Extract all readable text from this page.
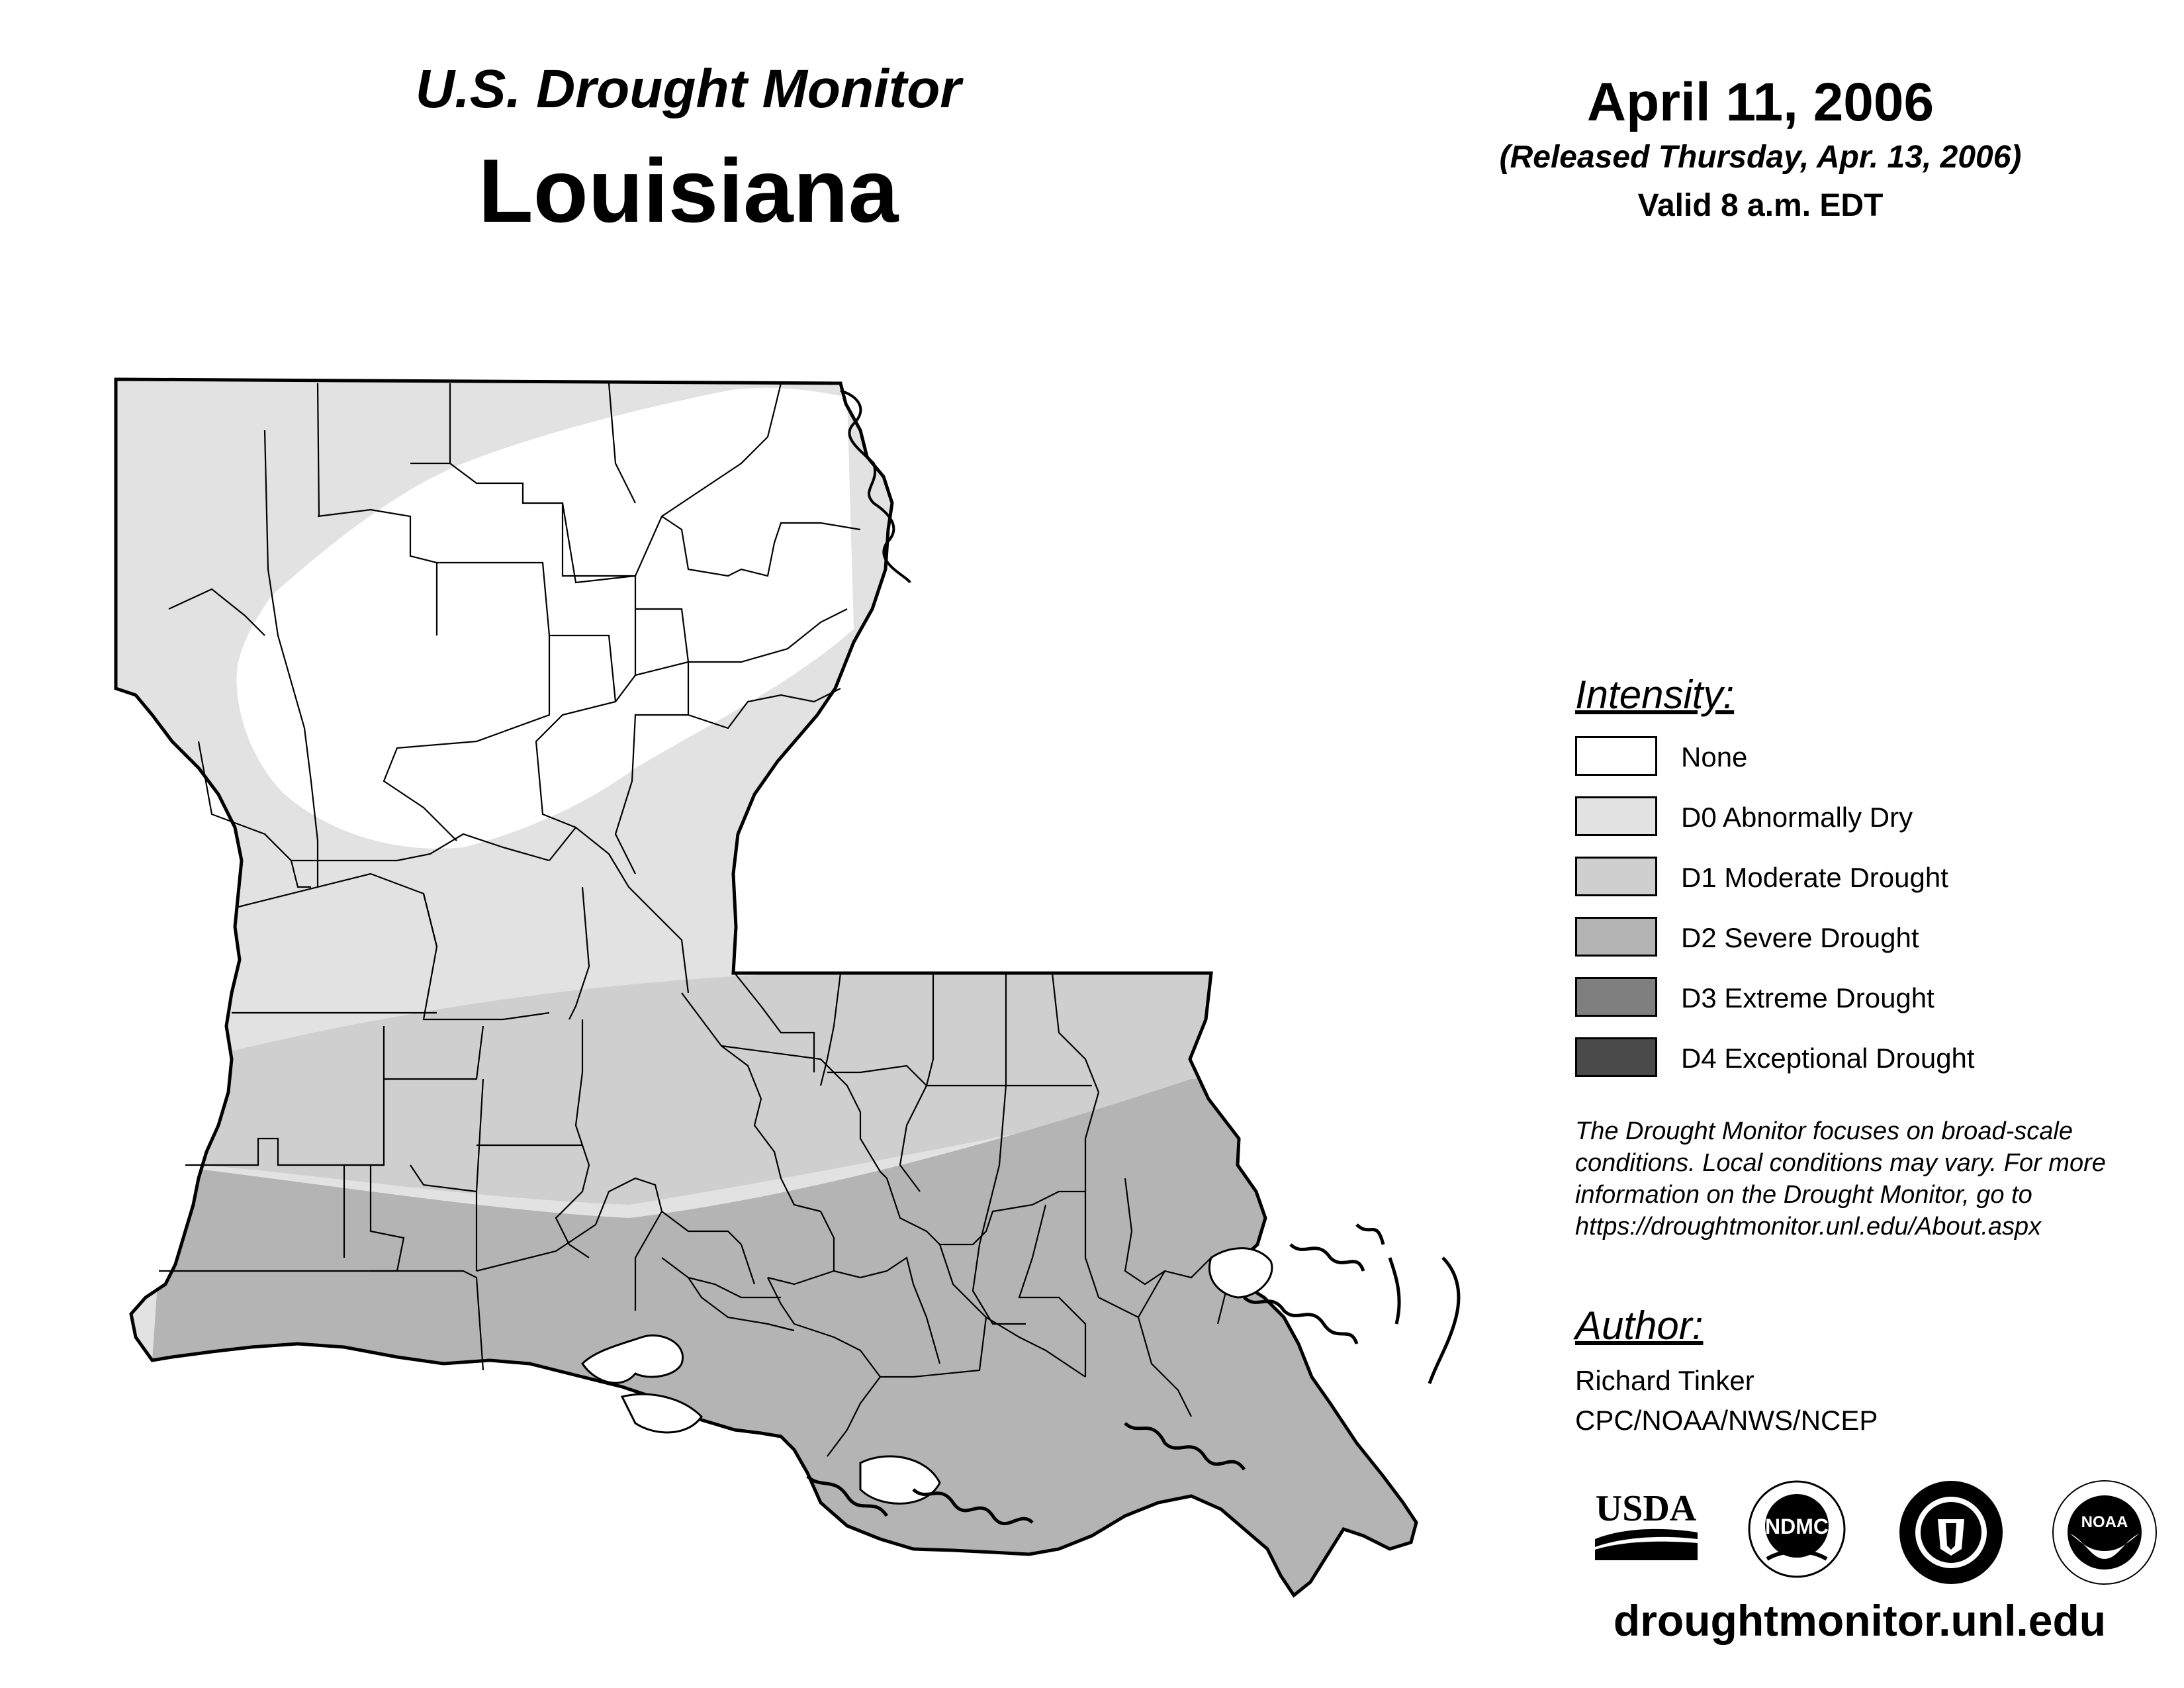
U.S. Drought Monitor
Louisiana
April 11, 2006
(Released Thursday, Apr. 13, 2006)
Valid 8 a.m. EDT
Intensity:
None
D0 Abnormally Dry
D1 Moderate Drought
D2 Severe Drought
D3 Extreme Drought
D4 Exceptional Drought
The Drought Monitor focuses on broad-scale
conditions. Local conditions may vary. For more
information on the Drought Monitor, go to
https://droughtmonitor.unl.edu/About.aspx
Author:
Richard Tinker
CPC/NOAA/NWS/NCEP
USDA	NDMC	NOAA
droughtmonitor.unl.edu
